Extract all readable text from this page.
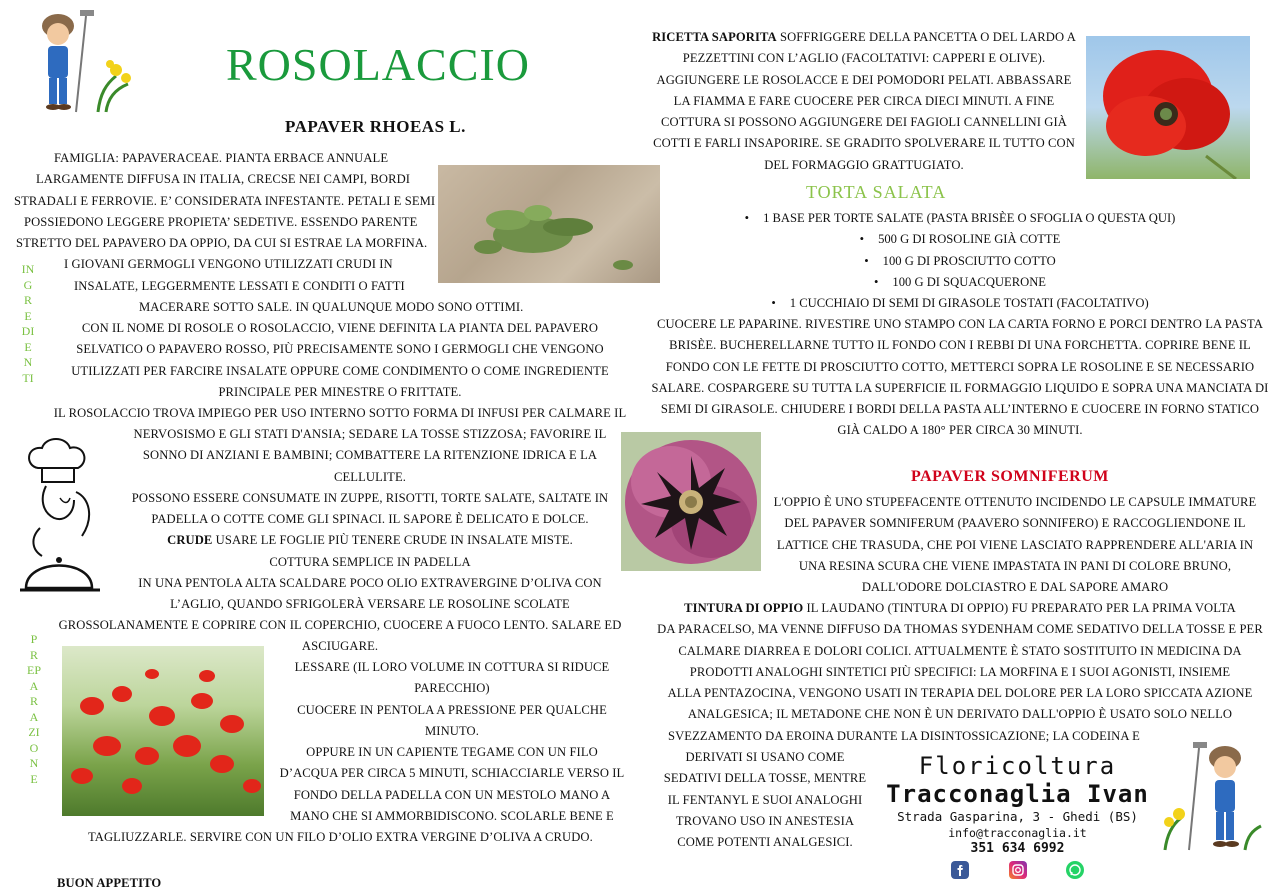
ROSOLACCIO
PAPAVER RHOEAS L.
FAMIGLIA: PAPAVERACEAE. PIANTA ERBACE ANNUALE
LARGAMENTE DIFFUSA IN ITALIA, CRECSE NEI CAMPI, BORDI
STRADALI E FERROVIE. E’ CONSIDERATA INFESTANTE. PETALI E SEMI
POSSIEDONO LEGGERE PROPIETA’ SEDETIVE. ESSENDO PARENTE
STRETTO DEL PAPAVERO DA OPPIO, DA CUI SI ESTRAE LA MORFINA.
I GIOVANI GERMOGLI VENGONO UTILIZZATI CRUDI IN
INSALATE, LEGGERMENTE LESSATI E CONDITI O FATTI
MACERARE SOTTO SALE. IN QUALUNQUE MODO SONO OTTIMI.
INGREDIENTI
PREPARAZIONE
CON IL NOME DI ROSOLE O ROSOLACCIO, VIENE DEFINITA LA PIANTA DEL PAPAVERO
SELVATICO O PAPAVERO ROSSO, PIÙ PRECISAMENTE SONO I GERMOGLI CHE VENGONO
UTILIZZATI PER FARCIRE INSALATE OPPURE COME CONDIMENTO O COME INGREDIENTE
PRINCIPALE PER MINESTRE O FRITTATE.
IL ROSOLACCIO TROVA IMPIEGO PER USO INTERNO SOTTO FORMA DI INFUSI PER CALMARE IL
NERVOSISMO E GLI STATI D'ANSIA; SEDARE LA TOSSE STIZZOSA; FAVORIRE IL
SONNO DI ANZIANI E BAMBINI; COMBATTERE LA RITENZIONE IDRICA E LA
CELLULITE.
POSSONO ESSERE CONSUMATE IN ZUPPE, RISOTTI, TORTE SALATE, SALTATE IN
PADELLA O COTTE COME GLI SPINACI. IL SAPORE È DELICATO E DOLCE.
CRUDE USARE LE FOGLIE PIÙ TENERE CRUDE IN INSALATE MISTE.
COTTURA SEMPLICE IN PADELLA
IN UNA PENTOLA ALTA SCALDARE POCO OLIO EXTRAVERGINE D’OLIVA CON
L’AGLIO, QUANDO SFRIGOLERÀ VERSARE LE ROSOLINE SCOLATE
GROSSOLANAMENTE E COPRIRE CON IL COPERCHIO, CUOCERE A FUOCO LENTO. SALARE ED
ASCIUGARE.
LESSARE (IL LORO VOLUME IN COTTURA SI RIDUCE
PARECCHIO)
CUOCERE IN PENTOLA A PRESSIONE PER QUALCHE
MINUTO.
OPPURE IN UN CAPIENTE TEGAME CON UN FILO
D’ACQUA PER CIRCA 5 MINUTI, SCHIACCIARLE VERSO IL
FONDO DELLA PADELLA CON UN MESTOLO MANO A
MANO CHE SI AMMORBIDISCONO. SCOLARLE BENE E
TAGLIUZZARLE. SERVIRE CON UN FILO D’OLIO EXTRA VERGINE D’OLIVA A CRUDO.
BUON APPETITO
RICETTA SAPORITA SOFFRIGGERE DELLA PANCETTA O DEL LARDO A
PEZZETTINI CON L’AGLIO (FACOLTATIVI: CAPPERI E OLIVE).
AGGIUNGERE LE ROSOLACCE E DEI POMODORI PELATI. ABBASSARE
LA FIAMMA E FARE CUOCERE PER CIRCA DIECI MINUTI. A FINE
COTTURA SI POSSONO AGGIUNGERE DEI FAGIOLI CANNELLINI GIÀ
COTTI E FARLI INSAPORIRE. SE GRADITO SPOLVERARE IL TUTTO CON
DEL FORMAGGIO GRATTUGIATO.
TORTA SALATA
• 1 BASE PER TORTE SALATE (PASTA BRISÈE O SFOGLIA O QUESTA QUI)
• 500 G DI ROSOLINE GIÀ COTTE
• 100 G DI PROSCIUTTO COTTO
• 100 G DI SQUACQUERONE
• 1 CUCCHIAIO DI SEMI DI GIRASOLE TOSTATI (FACOLTATIVO)
CUOCERE LE PAPARINE. RIVESTIRE UNO STAMPO CON LA CARTA FORNO E PORCI DENTRO LA PASTA
BRISÈE. BUCHERELLARNE TUTTO IL FONDO CON I REBBI DI UNA FORCHETTA. COPRIRE BENE IL
FONDO CON LE FETTE DI PROSCIUTTO COTTO, METTERCI SOPRA LE ROSOLINE E SE NECESSARIO
SALARE. COSPARGERE SU TUTTA LA SUPERFICIE IL FORMAGGIO LIQUIDO E SOPRA UNA MANCIATA DI
SEMI DI GIRASOLE. CHIUDERE I BORDI DELLA PASTA ALL’INTERNO E CUOCERE IN FORNO STATICO
GIÀ CALDO A 180° PER CIRCA 30 MINUTI.
PAPAVER SOMNIFERUM
L'OPPIO È UNO STUPEFACENTE OTTENUTO INCIDENDO LE CAPSULE IMMATURE
DEL PAPAVER SOMNIFERUM (PAAVERO SONNIFERO) E RACCOGLIENDONE IL
LATTICE CHE TRASUDA, CHE POI VIENE LASCIATO RAPPRENDERE ALL'ARIA IN
UNA RESINA SCURA CHE VIENE IMPASTATA IN PANI DI COLORE BRUNO,
DALL'ODORE DOLCIASTRO E DAL SAPORE AMARO
TINTURA DI OPPIO IL LAUDANO (TINTURA DI OPPIO) FU PREPARATO PER LA PRIMA VOLTA
DA PARACELSO, MA VENNE DIFFUSO DA THOMAS SYDENHAM COME SEDATIVO DELLA TOSSE E PER
CALMARE DIARREA E DOLORI COLICI. ATTUALMENTE È STATO SOSTITUITO IN MEDICINA DA
PRODOTTI ANALOGHI SINTETICI PIÙ SPECIFICI: LA MORFINA E I SUOI AGONISTI, INSIEME
ALLA PENTAZOCINA, VENGONO USATI IN TERAPIA DEL DOLORE PER LA LORO SPICCATA AZIONE
ANALGESICA; IL METADONE CHE NON È UN DERIVATO DALL'OPPIO È USATO SOLO NELLO
SVEZZAMENTO DA EROINA DURANTE LA DISINTOSSICAZIONE; LA CODEINA E
DERIVATI SI USANO COME
SEDATIVI DELLA TOSSE, MENTRE
IL FENTANYL E SUOI ANALOGHI
TROVANO USO IN ANESTESIA
COME POTENTI ANALGESICI.
Floricoltura
Tracconaglia Ivan
Strada Gasparina, 3 - Ghedi (BS)
info@tracconaglia.it
351 634 6992
